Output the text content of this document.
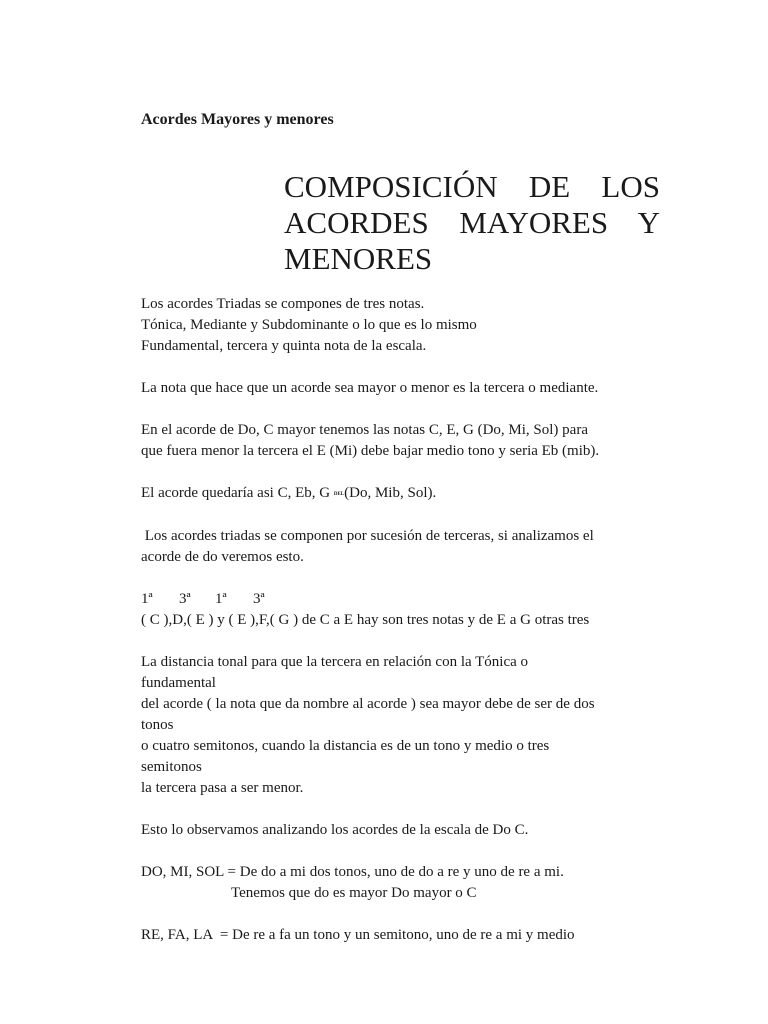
Acordes Mayores y menores
COMPOSICIÓN DE LOS
ACORDES MAYORES Y
MENORES

Los acordes Triadas se compones de tres notas.
Tónica, Mediante y Subdominante o lo que es lo mismo
Fundamental, tercera y quinta nota de la escala.

La nota que hace que un acorde sea mayor o menor es la tercera o mediante.

En el acorde de Do, C mayor tenemos las notas C, E, G (Do, Mi, Sol) para
que fuera menor la tercera el E (Mi) debe bajar medio tono y seria Eb (mib).

El acorde quedaría asi C, Eb, G DEL(Do, Mib, Sol).

Los acordes triadas se componen por sucesión de terceras, si analizamos el
acorde de do veremos esto.

1ª 3ª 1ª 3ª
( C ),D,( E ) y ( E ),F,( G ) de C a E hay son tres notas y de E a G otras tres

La distancia tonal para que la tercera en relación con la Tónica o
fundamental
del acorde ( la nota que da nombre al acorde ) sea mayor debe de ser de dos
tonos
o cuatro semitonos, cuando la distancia es de un tono y medio o tres
semitonos
la tercera pasa a ser menor.

Esto lo observamos analizando los acordes de la escala de Do C.

DO, MI, SOL = De do a mi dos tonos, uno de do a re y uno de re a mi.
Tenemos que do es mayor Do mayor o C

RE, FA, LA  = De re a fa un tono y un semitono, uno de re a mi y medio
